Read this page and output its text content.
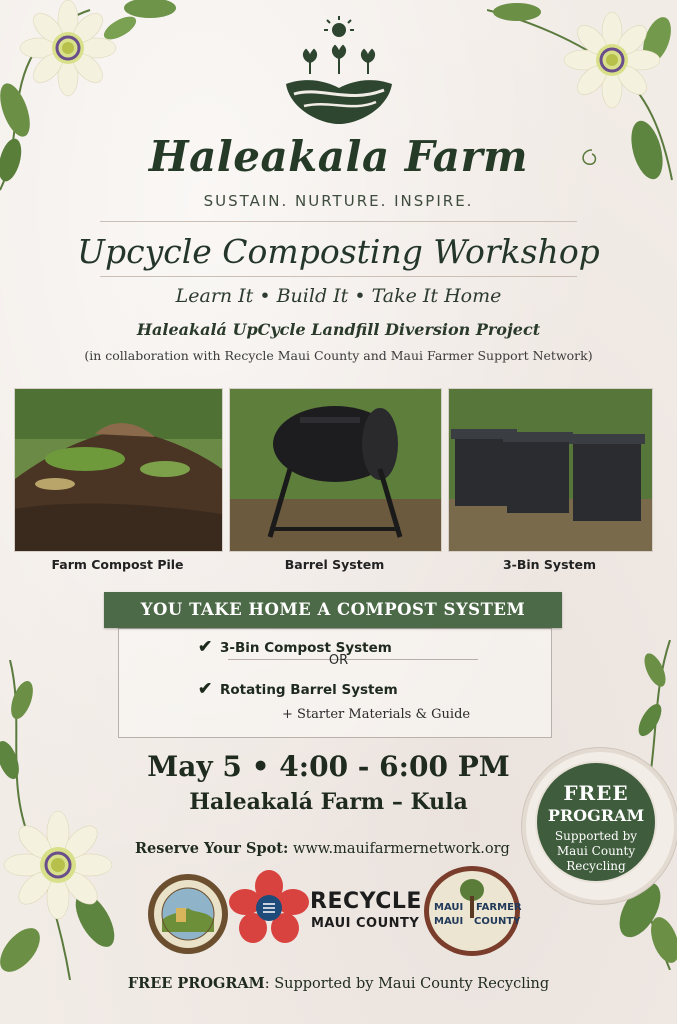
Haleakala Farm
SUSTAIN. NURTURE. INSPIRE.
Upcycle Composting Workshop
Learn It • Build It • Take It Home
Haleakalá UpCycle Landfill Diversion Project
(in collaboration with Recycle Maui County and Maui Farmer Support Network)
Farm Compost Pile	Barrel System	3-Bin System
YOU TAKE HOME A COMPOST SYSTEM
✔ 3-Bin Compost System
OR
✔ Rotating Barrel System
+ Starter Materials & Guide
May 5 • 4:00 - 6:00 PM
Haleakalá Farm – Kula
Reserve Your Spot: www.mauifarmernetwork.org
FREE
PROGRAM
Supported by
Maui County
Recycling
RECYCLE
MAUI COUNTY
MAUI FARMER
MAUI COUNTY
FREE PROGRAM: Supported by Maui County Recycling
